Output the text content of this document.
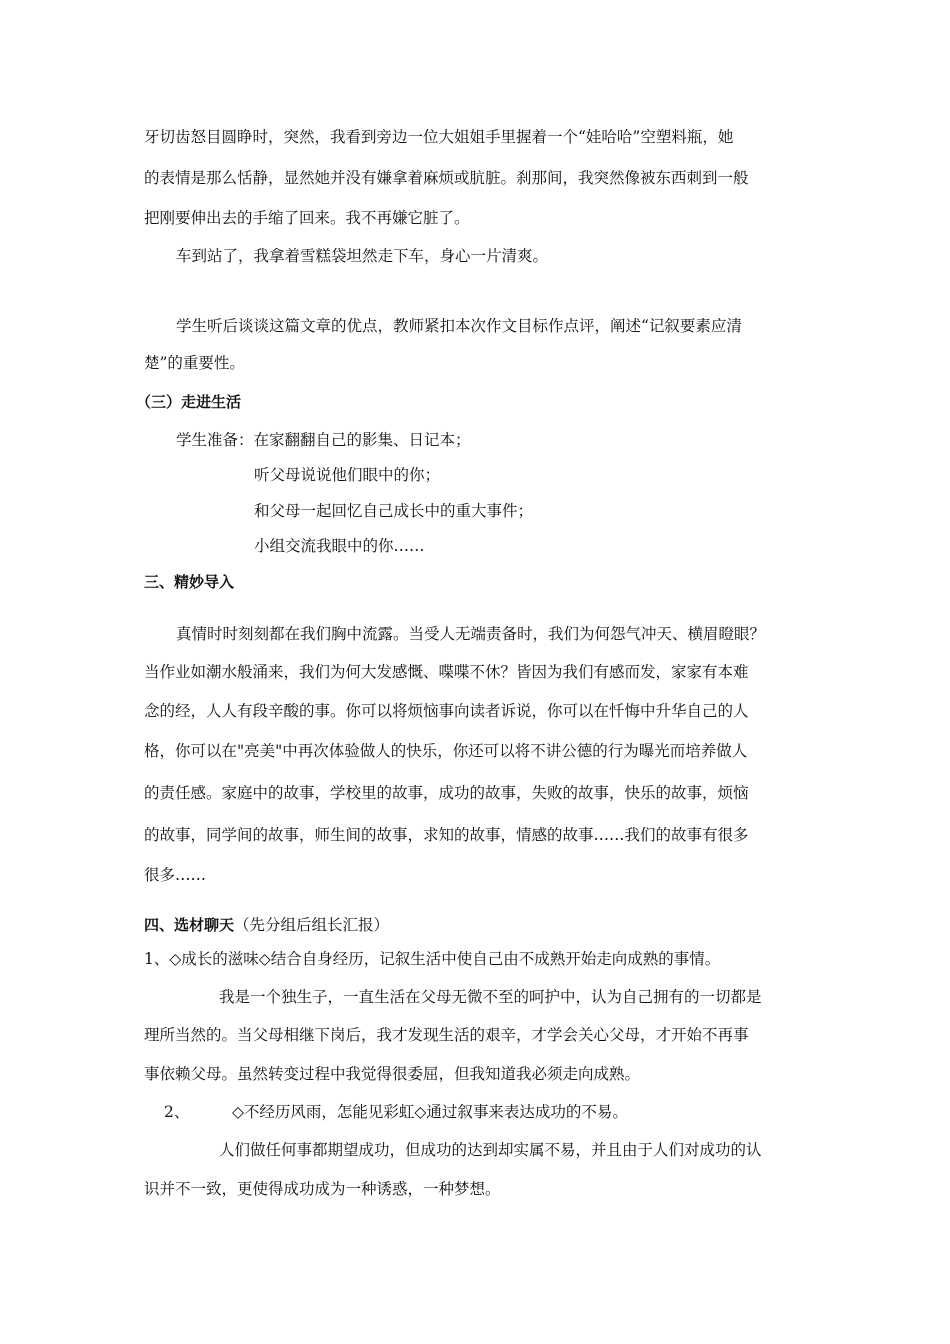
牙切齿怒目圆睁时，突然，我看到旁边一位大姐姐手里握着一个“娃哈哈”空塑料瓶，她
的表情是那么恬静，显然她并没有嫌拿着麻烦或肮脏。刹那间，我突然像被东西刺到一般
把刚要伸出去的手缩了回来。我不再嫌它脏了。
车到站了，我拿着雪糕袋坦然走下车，身心一片清爽。
学生听后谈谈这篇文章的优点，教师紧扣本次作文目标作点评，阐述“记叙要素应清
楚”的重要性。
（三）走进生活
学生准备：在家翻翻自己的影集、日记本；
听父母说说他们眼中的你；
和父母一起回忆自己成长中的重大事件；
小组交流我眼中的你……
三、精妙导入
真情时时刻刻都在我们胸中流露。当受人无端责备时，我们为何怨气冲天、横眉瞪眼？
当作业如潮水般涌来，我们为何大发感慨、喋喋不休？皆因为我们有感而发，家家有本难
念的经，人人有段辛酸的事。你可以将烦恼事向读者诉说，你可以在忏悔中升华自己的人
格，你可以在"亮美"中再次体验做人的快乐，你还可以将不讲公德的行为曝光而培养做人
的责任感。家庭中的故事，学校里的故事，成功的故事，失败的故事，快乐的故事，烦恼
的故事，同学间的故事，师生间的故事，求知的故事，情感的故事……我们的故事有很多
很多……
四、选材聊天（先分组后组长汇报）
1、◇成长的滋味◇结合自身经历，记叙生活中使自己由不成熟开始走向成熟的事情。
我是一个独生子，一直生活在父母无微不至的呵护中，认为自己拥有的一切都是
理所当然的。当父母相继下岗后，我才发现生活的艰辛，才学会关心父母，才开始不再事
事依赖父母。虽然转变过程中我觉得很委屈，但我知道我必须走向成熟。
2、	◇不经历风雨，怎能见彩虹◇通过叙事来表达成功的不易。
人们做任何事都期望成功，但成功的达到却实属不易，并且由于人们对成功的认
识并不一致，更使得成功成为一种诱惑，一种梦想。
